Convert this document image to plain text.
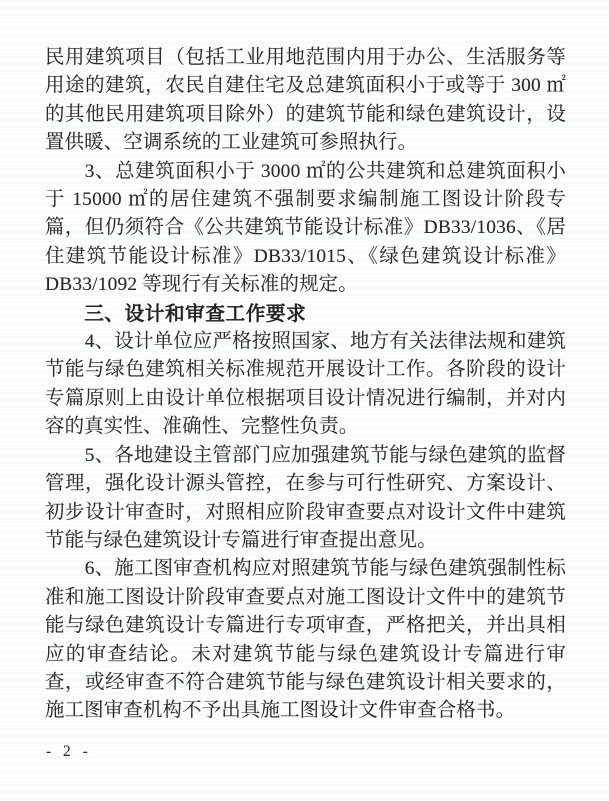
民用建筑项目（包括工业用地范围内用于办公、生活服务等用途的建筑，农民自建住宅及总建筑面积小于或等于 300 ㎡的其他民用建筑项目除外）的建筑节能和绿色建筑设计，设置供暖、空调系统的工业建筑可参照执行。

3、总建筑面积小于 3000 ㎡的公共建筑和总建筑面积小于 15000 ㎡的居住建筑不强制要求编制施工图设计阶段专篇，但仍须符合《公共建筑节能设计标准》DB33/1036、《居住建筑节能设计标准》DB33/1015、《绿色建筑设计标准》DB33/1092 等现行有关标准的规定。

三、设计和审查工作要求

4、设计单位应严格按照国家、地方有关法律法规和建筑节能与绿色建筑相关标准规范开展设计工作。各阶段的设计专篇原则上由设计单位根据项目设计情况进行编制，并对内容的真实性、准确性、完整性负责。

5、各地建设主管部门应加强建筑节能与绿色建筑的监督管理，强化设计源头管控，在参与可行性研究、方案设计、初步设计审查时，对照相应阶段审查要点对设计文件中建筑节能与绿色建筑设计专篇进行审查提出意见。

6、施工图审查机构应对照建筑节能与绿色建筑强制性标准和施工图设计阶段审查要点对施工图设计文件中的建筑节能与绿色建筑设计专篇进行专项审查，严格把关，并出具相应的审查结论。未对建筑节能与绿色建筑设计专篇进行审查，或经审查不符合建筑节能与绿色建筑设计相关要求的，施工图审查机构不予出具施工图设计文件审查合格书。

- 2 -
